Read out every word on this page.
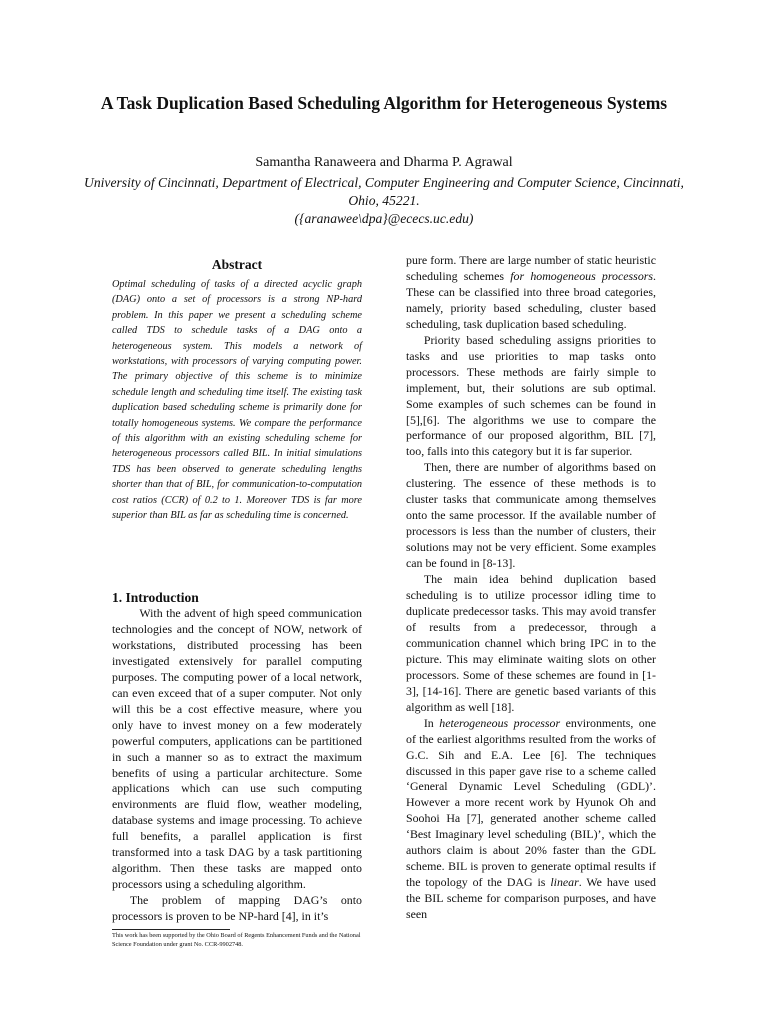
A Task Duplication Based Scheduling Algorithm for Heterogeneous Systems
Samantha Ranaweera and Dharma P. Agrawal
University of Cincinnati, Department of Electrical, Computer Engineering and Computer Science, Cincinnati, Ohio, 45221.
({aranawee\dpa}@ececs.uc.edu)
Abstract

Optimal scheduling of tasks of a directed acyclic graph (DAG) onto a set of processors is a strong NP-hard problem. In this paper we present a scheduling scheme called TDS to schedule tasks of a DAG onto a heterogeneous system. This models a network of workstations, with processors of varying computing power. The primary objective of this scheme is to minimize schedule length and scheduling time itself. The existing task duplication based scheduling scheme is primarily done for totally homogeneous systems. We compare the performance of this algorithm with an existing scheduling scheme for heterogeneous processors called BIL. In initial simulations TDS has been observed to generate scheduling lengths shorter than that of BIL, for communication-to-computation cost ratios (CCR) of 0.2 to 1. Moreover TDS is far more superior than BIL as far as scheduling time is concerned.

1. Introduction

With the advent of high speed communication technologies and the concept of NOW, network of workstations, distributed processing has been investigated extensively for parallel computing purposes. The computing power of a local network, can even exceed that of a super computer. Not only will this be a cost effective measure, where you only have to invest money on a few moderately powerful computers, applications can be partitioned in such a manner so as to extract the maximum benefits of using a particular architecture. Some applications which can use such computing environments are fluid flow, weather modeling, database systems and image processing. To achieve full benefits, a parallel application is first transformed into a task DAG by a task partitioning algorithm. Then these tasks are mapped onto processors using a scheduling algorithm.

The problem of mapping DAG’s onto processors is proven to be NP-hard [4], in it’s

This work has been supported by the Ohio Board of Regents Enhancement Funds and the National Science Foundation under grant No. CCR-9902748.

pure form. There are large number of static heuristic scheduling schemes for homogeneous processors. These can be classified into three broad categories, namely, priority based scheduling, cluster based scheduling, task duplication based scheduling.

Priority based scheduling assigns priorities to tasks and use priorities to map tasks onto processors. These methods are fairly simple to implement, but, their solutions are sub optimal. Some examples of such schemes can be found in [5],[6]. The algorithms we use to compare the performance of our proposed algorithm, BIL [7], too, falls into this category but it is far superior.

Then, there are number of algorithms based on clustering. The essence of these methods is to cluster tasks that communicate among themselves onto the same processor. If the available number of processors is less than the number of clusters, their solutions may not be very efficient. Some examples can be found in [8-13].

The main idea behind duplication based scheduling is to utilize processor idling time to duplicate predecessor tasks. This may avoid transfer of results from a predecessor, through a communication channel which bring IPC in to the picture. This may eliminate waiting slots on other processors. Some of these schemes are found in [1-3], [14-16]. There are genetic based variants of this algorithm as well [18].

In heterogeneous processor environments, one of the earliest algorithms resulted from the works of G.C. Sih and E.A. Lee [6]. The techniques discussed in this paper gave rise to a scheme called ‘General Dynamic Level Scheduling (GDL)’. However a more recent work by Hyunok Oh and Soohoi Ha [7], generated another scheme called ‘Best Imaginary level scheduling (BIL)’, which the authors claim is about 20% faster than the GDL scheme. BIL is proven to generate optimal results if the topology of the DAG is linear. We have used the BIL scheme for comparison purposes, and have seen
